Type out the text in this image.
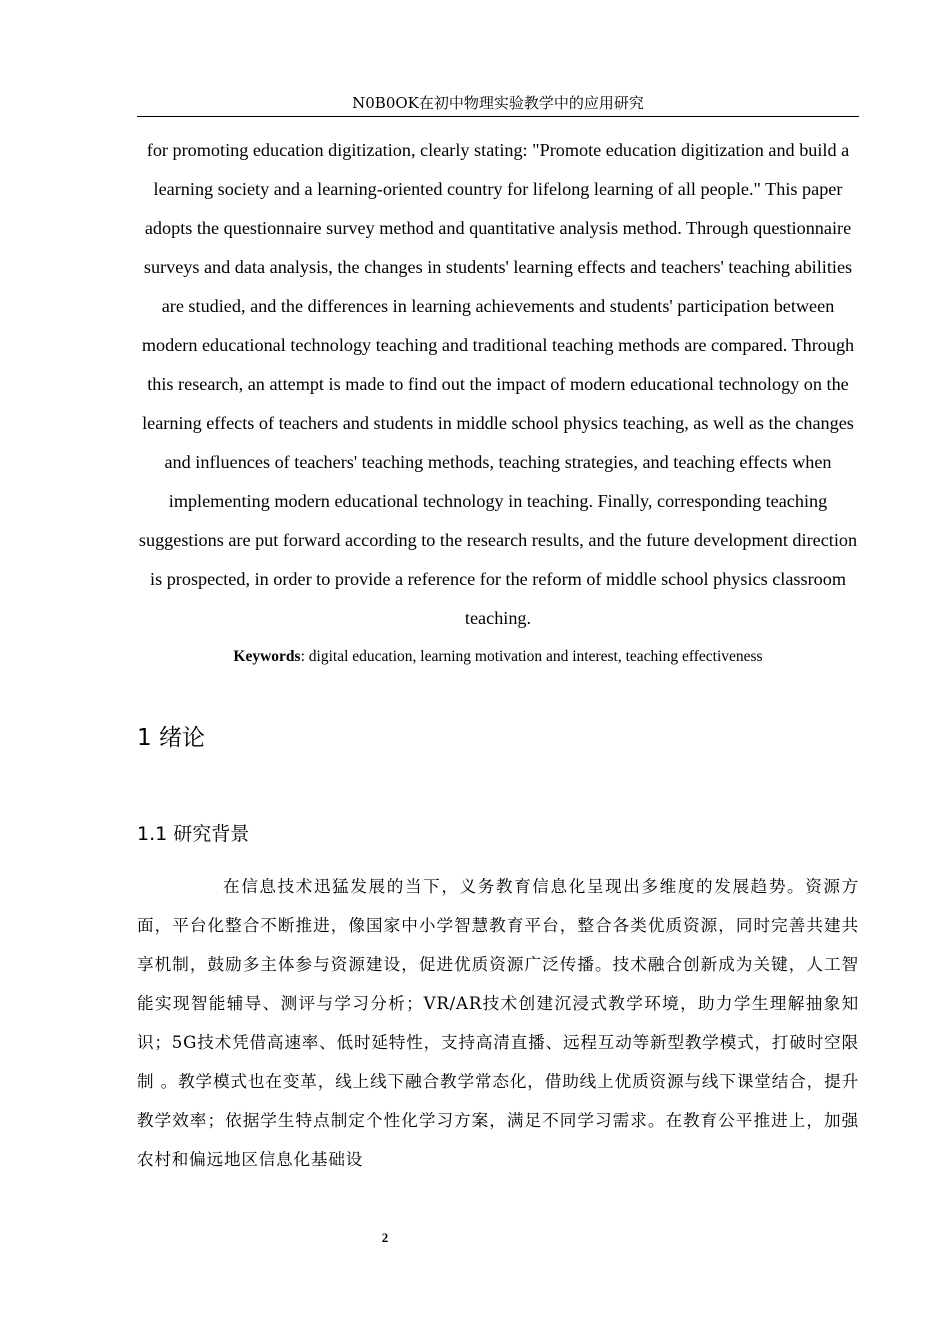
N0B0OK在初中物理实验教学中的应用研究

for promoting education digitization, clearly stating: "Promote education digitization and build a learning society and a learning-oriented country for lifelong learning of all people." This paper adopts the questionnaire survey method and quantitative analysis method. Through questionnaire surveys and data analysis, the changes in students' learning effects and teachers' teaching abilities are studied, and the differences in learning achievements and students' participation between modern educational technology teaching and traditional teaching methods are compared. Through this research, an attempt is made to find out the impact of modern educational technology on the learning effects of teachers and students in middle school physics teaching, as well as the changes and influences of teachers' teaching methods, teaching strategies, and teaching effects when implementing modern educational technology in teaching. Finally, corresponding teaching suggestions are put forward according to the research results, and the future development direction is prospected, in order to provide a reference for the reform of middle school physics classroom teaching.

Keywords: digital education, learning motivation and interest, teaching effectiveness

1 绪论
1.1 研究背景

在信息技术迅猛发展的当下，义务教育信息化呈现出多维度的发展趋势。资源方面，平台化整合不断推进，像国家中小学智慧教育平台，整合各类优质资源，同时完善共建共享机制，鼓励多主体参与资源建设，促进优质资源广泛传播。技术融合创新成为关键，人工智能实现智能辅导、测评与学习分析；VR/AR技术创建沉浸式教学环境，助力学生理解抽象知识；5G技术凭借高速率、低时延特性，支持高清直播、远程互动等新型教学模式，打破时空限制 。教学模式也在变革，线上线下融合教学常态化，借助线上优质资源与线下课堂结合，提升教学效率；依据学生特点制定个性化学习方案，满足不同学习需求。在教育公平推进上，加强农村和偏远地区信息化基础设

2
